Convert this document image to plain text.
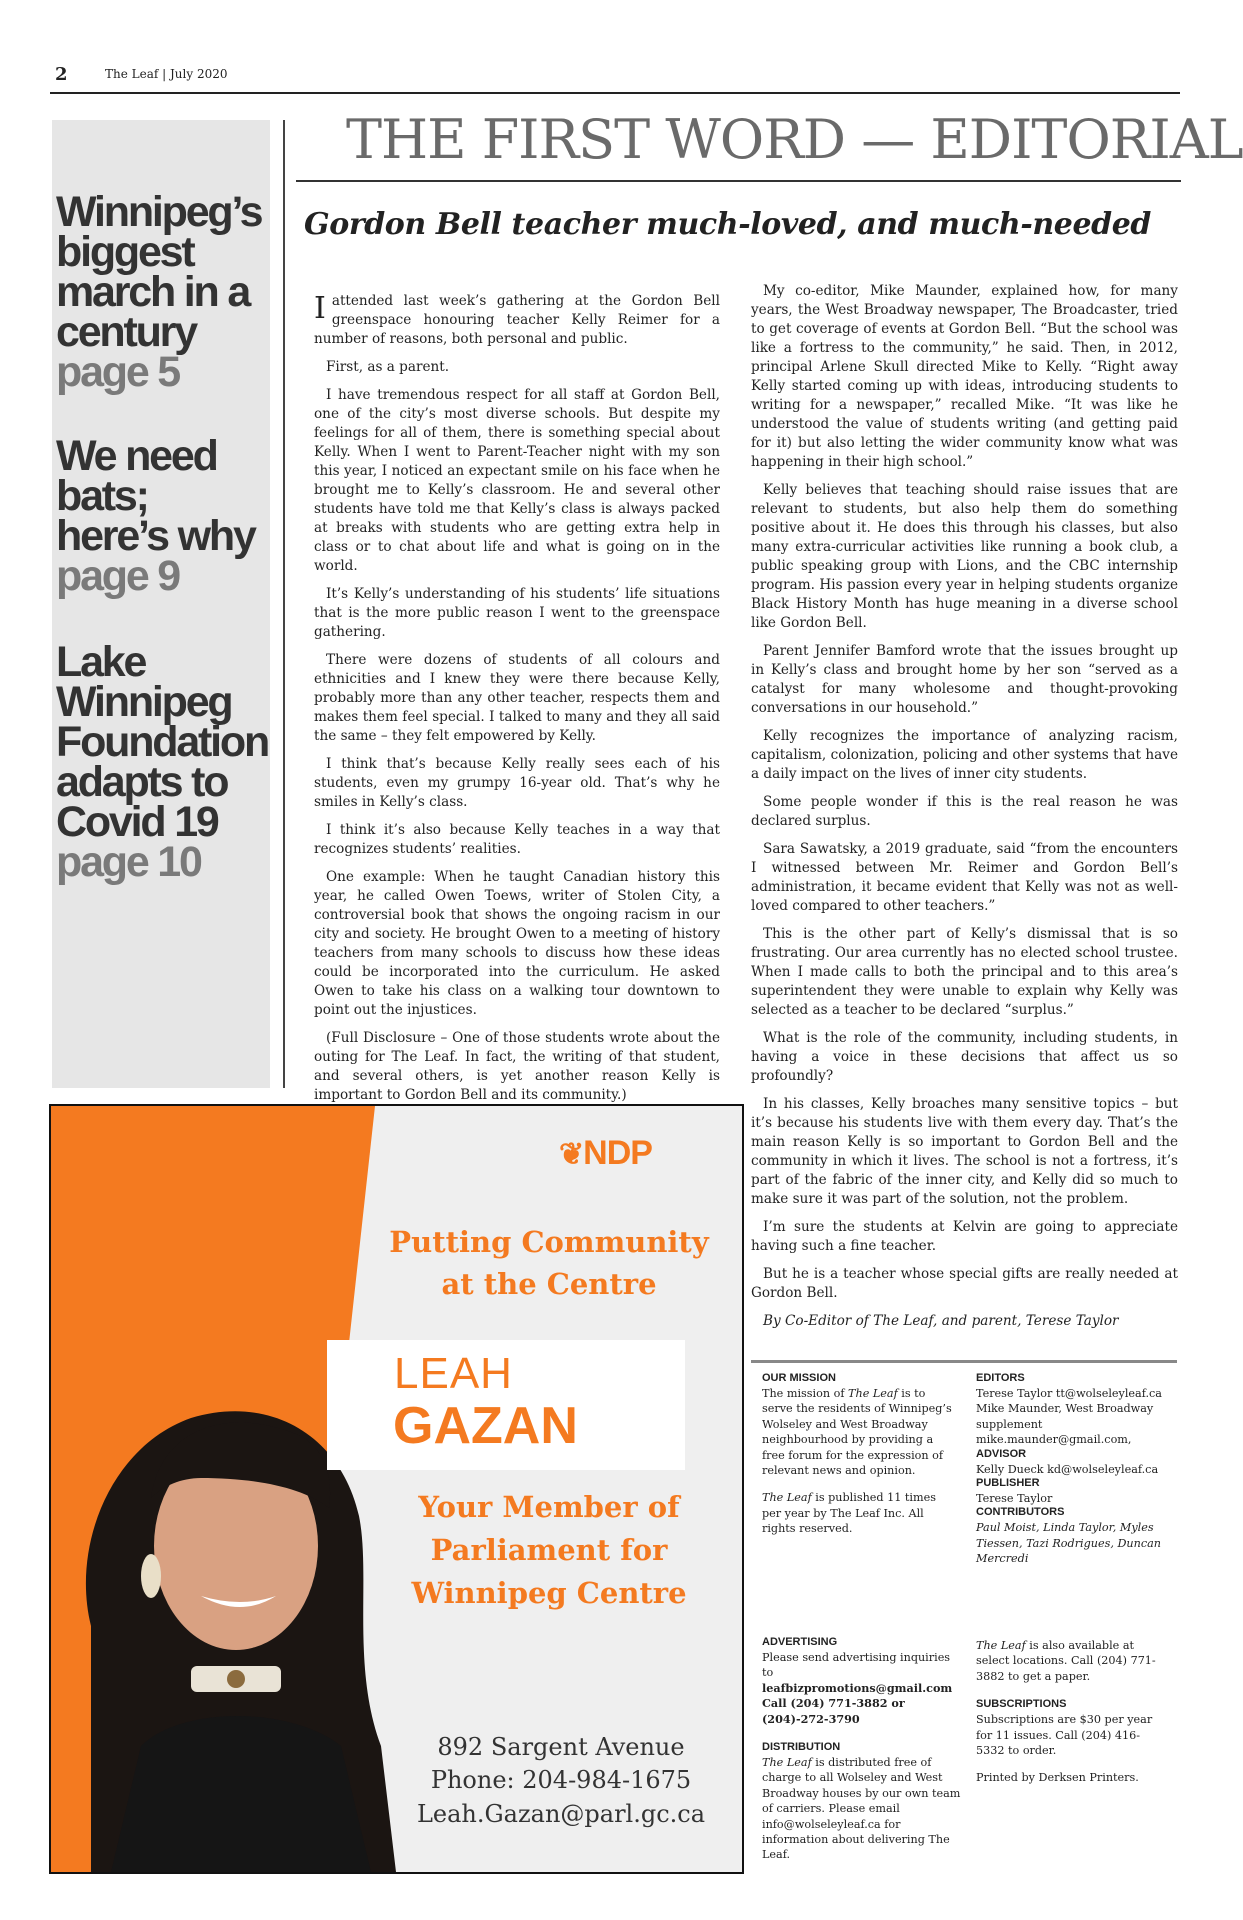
2	The Leaf | July 2020
Winnipeg’s
biggest
march in a
century
page 5
We need
bats;
here’s why
page 9
Lake
Winnipeg
Foundation
adapts to
Covid 19
page 10
THE FIRST WORD — EDITORIAL
Gordon Bell teacher much-loved, and much-needed

Iattended last week’s gathering at the Gordon Bell greenspace honouring teacher Kelly Reimer for a number of reasons, both personal and public.

First, as a parent.

I have tremendous respect for all staff at Gordon Bell, one of the city’s most diverse schools. But despite my feelings for all of them, there is something special about Kelly. When I went to Parent-Teacher night with my son this year, I noticed an expectant smile on his face when he brought me to Kelly’s classroom. He and several other students have told me that Kelly’s class is always packed at breaks with students who are getting extra help in class or to chat about life and what is going on in the world.

It’s Kelly’s understanding of his students’ life situations that is the more public reason I went to the greenspace gathering.

There were dozens of students of all colours and ethnicities and I knew they were there because Kelly, probably more than any other teacher, respects them and makes them feel special. I talked to many and they all said the same – they felt empowered by Kelly.

I think that’s because Kelly really sees each of his students, even my grumpy 16-year old. That’s why he smiles in Kelly’s class.

I think it’s also because Kelly teaches in a way that recognizes students’ realities.

One example: When he taught Canadian history this year, he called Owen Toews, writer of Stolen City, a controversial book that shows the ongoing racism in our city and society. He brought Owen to a meeting of history teachers from many schools to discuss how these ideas could be incorporated into the curriculum. He asked Owen to take his class on a walking tour downtown to point out the injustices.

(Full Disclosure – One of those students wrote about the outing for The Leaf. In fact, the writing of that student, and several others, is yet another reason Kelly is important to Gordon Bell and its community.)

My co-editor, Mike Maunder, explained how, for many years, the West Broadway newspaper, The Broadcaster, tried to get coverage of events at Gordon Bell. “But the school was like a fortress to the community,” he said. Then, in 2012, principal Arlene Skull directed Mike to Kelly. “Right away Kelly started coming up with ideas, introducing students to writing for a newspaper,” recalled Mike. “It was like he understood the value of students writing (and getting paid for it) but also letting the wider community know what was happening in their high school.”

Kelly believes that teaching should raise issues that are relevant to students, but also help them do something positive about it. He does this through his classes, but also many extra-curricular activities like running a book club, a public speaking group with Lions, and the CBC internship program. His passion every year in helping students organize Black History Month has huge meaning in a diverse school like Gordon Bell.

Parent Jennifer Bamford wrote that the issues brought up in Kelly’s class and brought home by her son “served as a catalyst for many wholesome and thought-provoking conversations in our household.”

Kelly recognizes the importance of analyzing racism, capitalism, colonization, policing and other systems that have a daily impact on the lives of inner city students.

Some people wonder if this is the real reason he was declared surplus.

Sara Sawatsky, a 2019 graduate, said “from the encounters I witnessed between Mr. Reimer and Gordon Bell’s administration, it became evident that Kelly was not as well-loved compared to other teachers.”

This is the other part of Kelly’s dismissal that is so frustrating. Our area currently has no elected school trustee. When I made calls to both the principal and to this area’s superintendent they were unable to explain why Kelly was selected as a teacher to be declared “surplus.”

What is the role of the community, including students, in having a voice in these decisions that affect us so profoundly?

In his classes, Kelly broaches many sensitive topics – but it’s because his students live with them every day. That’s the main reason Kelly is so important to Gordon Bell and the community in which it lives. The school is not a fortress, it’s part of the fabric of the inner city, and Kelly did so much to make sure it was part of the solution, not the problem.

I’m sure the students at Kelvin are going to appreciate having such a fine teacher.

But he is a teacher whose special gifts are really needed at Gordon Bell.

By Co-Editor of The Leaf, and parent, Terese Taylor

❦NDP
Putting Community at the Centre
LEAH
GAZAN
Your Member of Parliament for Winnipeg Centre
892 Sargent Avenue
Phone: 204-984-1675
Leah.Gazan@parl.gc.ca
OUR MISSION

The mission of The Leaf is to serve the residents of Winnipeg’s Wolseley and West Broadway neighbourhood by providing a free forum for the expression of relevant news and opinion.

The Leaf is published 11 times per year by The Leaf Inc. All rights reserved.

EDITORS

Terese Taylor tt@wolseleyleaf.ca

Mike Maunder, West Broadway supplement

mike.maunder@gmail.com,

ADVISOR

Kelly Dueck kd@wolseleyleaf.ca

PUBLISHER

Terese Taylor

CONTRIBUTORS

Paul Moist, Linda Taylor, Myles Tiessen, Tazi Rodrigues, Duncan Mercredi

ADVERTISING

Please send advertising inquiries to leafbizpromotions@gmail.com

Call (204) 771-3882 or (204)-272-3790

DISTRIBUTION

The Leaf is distributed free of charge to all Wolseley and West Broadway houses by our own team of carriers. Please email info@wolseleyleaf.ca for information about delivering The Leaf.

The Leaf is also available at select locations. Call (204) 771-3882 to get a paper.

SUBSCRIPTIONS

Subscriptions are $30 per year for 11 issues. Call (204) 416-5332 to order.

Printed by Derksen Printers.
